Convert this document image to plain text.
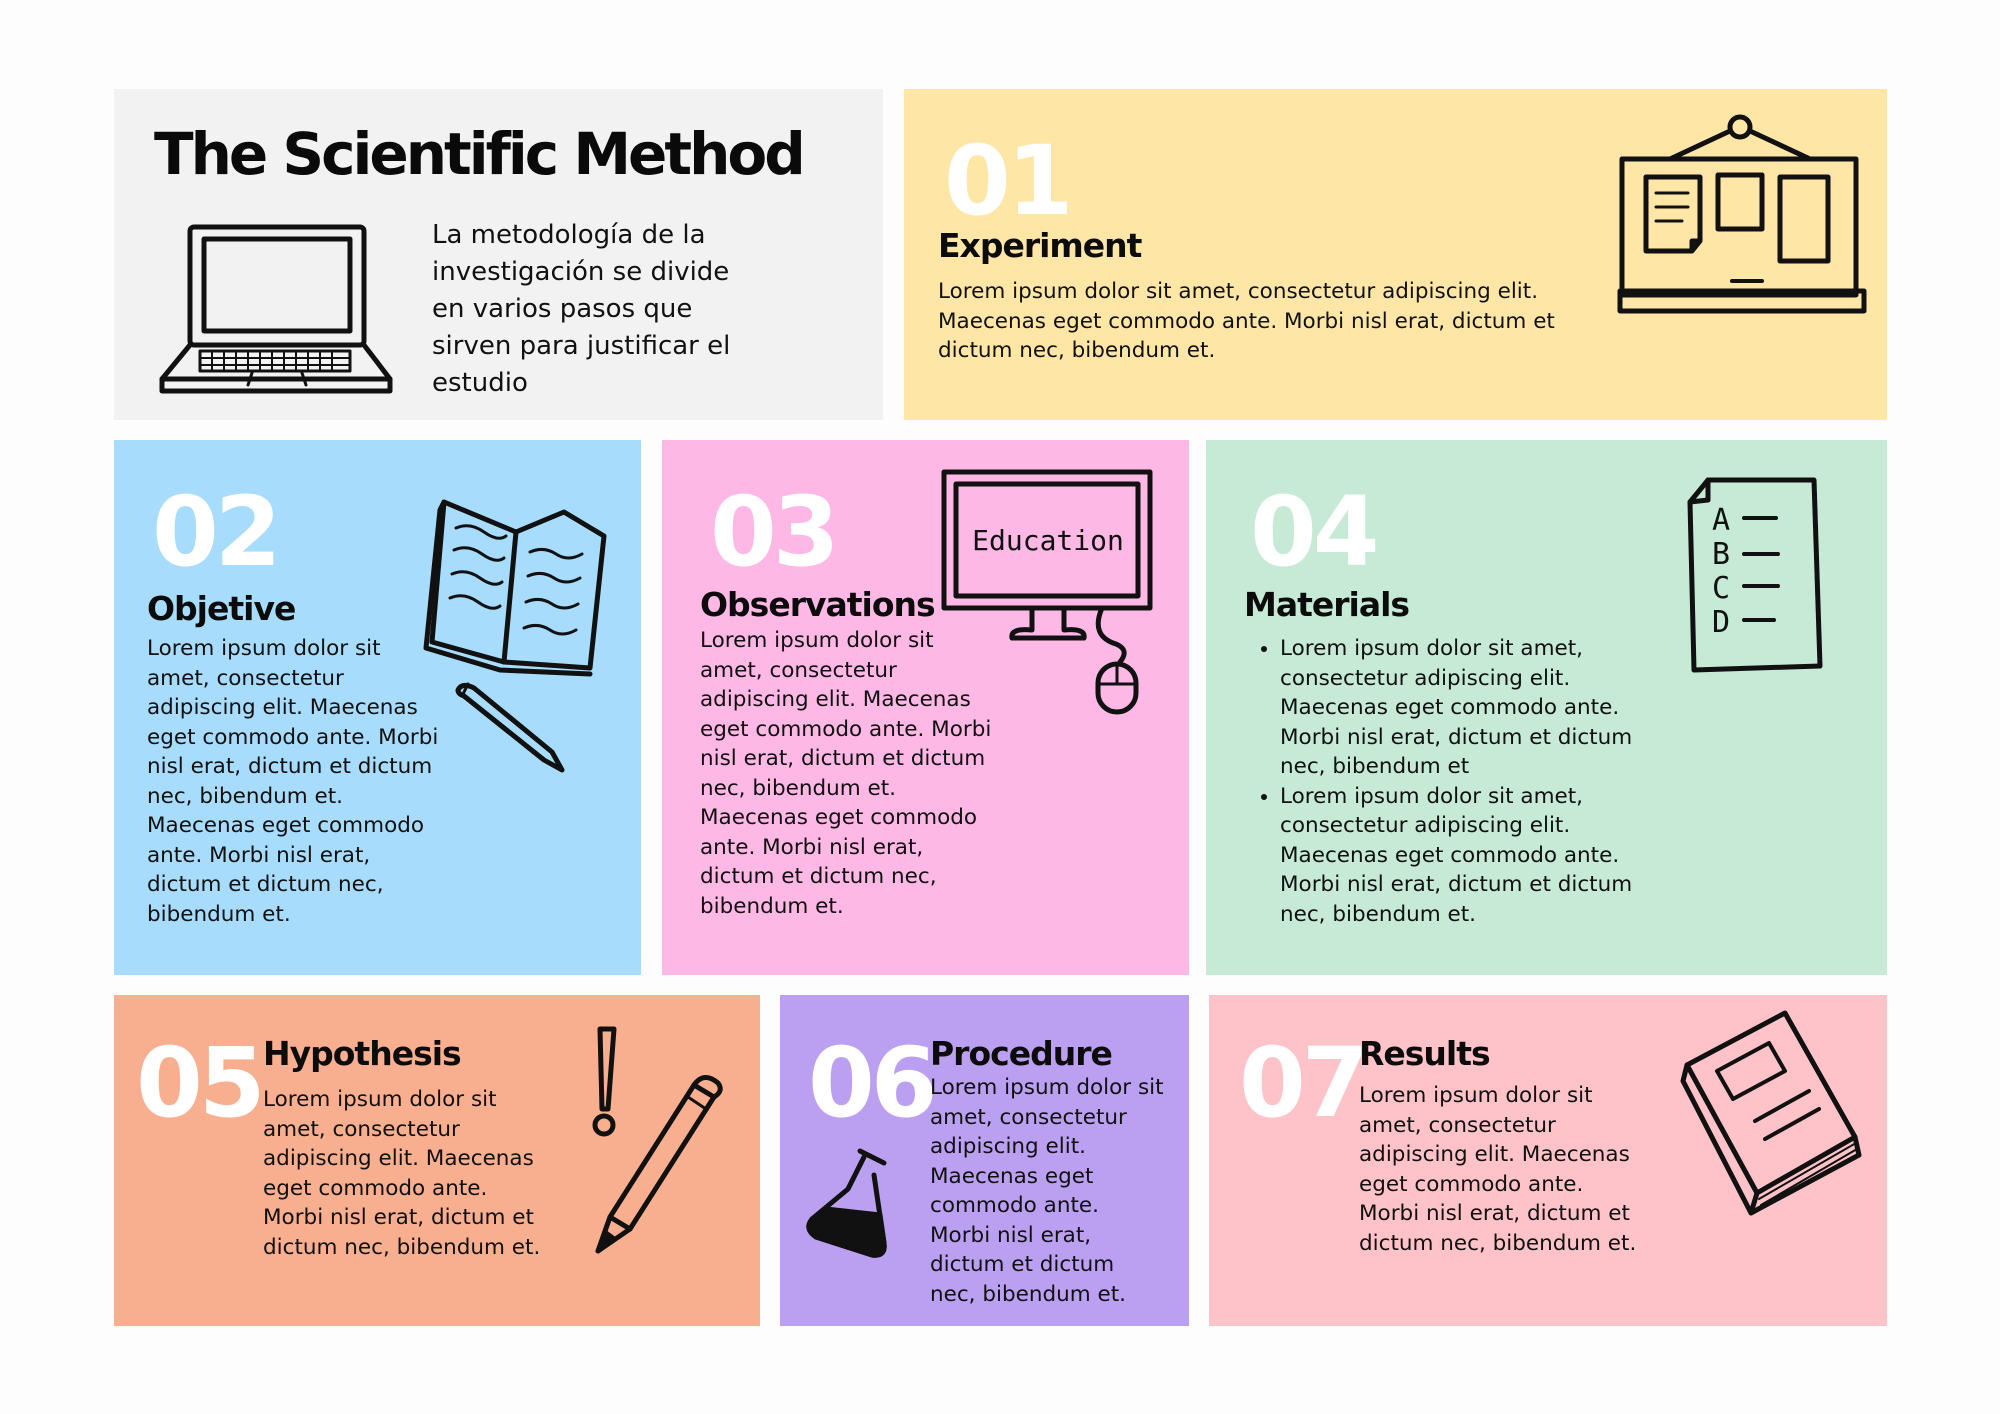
The Scientific Method
La metodología de la investigación se divide en varios pasos que sirven para justificar el estudio
01
Experiment
Lorem ipsum dolor sit amet, consectetur adipiscing elit. Maecenas eget commodo ante. Morbi nisl erat, dictum et dictum nec, bibendum et.
02
Objetive
Lorem ipsum dolor sit amet, consectetur adipiscing elit. Maecenas eget commodo ante. Morbi nisl erat, dictum et dictum nec, bibendum et. Maecenas eget commodo ante. Morbi nisl erat, dictum et dictum nec, bibendum et.
03
Observations
Lorem ipsum dolor sit amet, consectetur adipiscing elit. Maecenas eget commodo ante. Morbi nisl erat, dictum et dictum nec, bibendum et. Maecenas eget commodo ante. Morbi nisl erat, dictum et dictum nec, bibendum et.
Education 04
Materials
• Lorem ipsum dolor sit amet, consectetur adipiscing elit. Maecenas eget commodo ante. Morbi nisl erat, dictum et dictum nec, bibendum et
• Lorem ipsum dolor sit amet, consectetur adipiscing elit. Maecenas eget commodo ante. Morbi nisl erat, dictum et dictum nec, bibendum et.
A
B
C
D
05 Hypothesis
Lorem ipsum dolor sit amet, consectetur adipiscing elit. Maecenas eget commodo ante. Morbi nisl erat, dictum et dictum nec, bibendum et.
06
Procedure
Lorem ipsum dolor sit amet, consectetur adipiscing elit. Maecenas eget commodo ante. Morbi nisl erat, dictum et dictum nec, bibendum et.
07
Results
Lorem ipsum dolor sit amet, consectetur adipiscing elit. Maecenas eget commodo ante. Morbi nisl erat, dictum et dictum nec, bibendum et.
